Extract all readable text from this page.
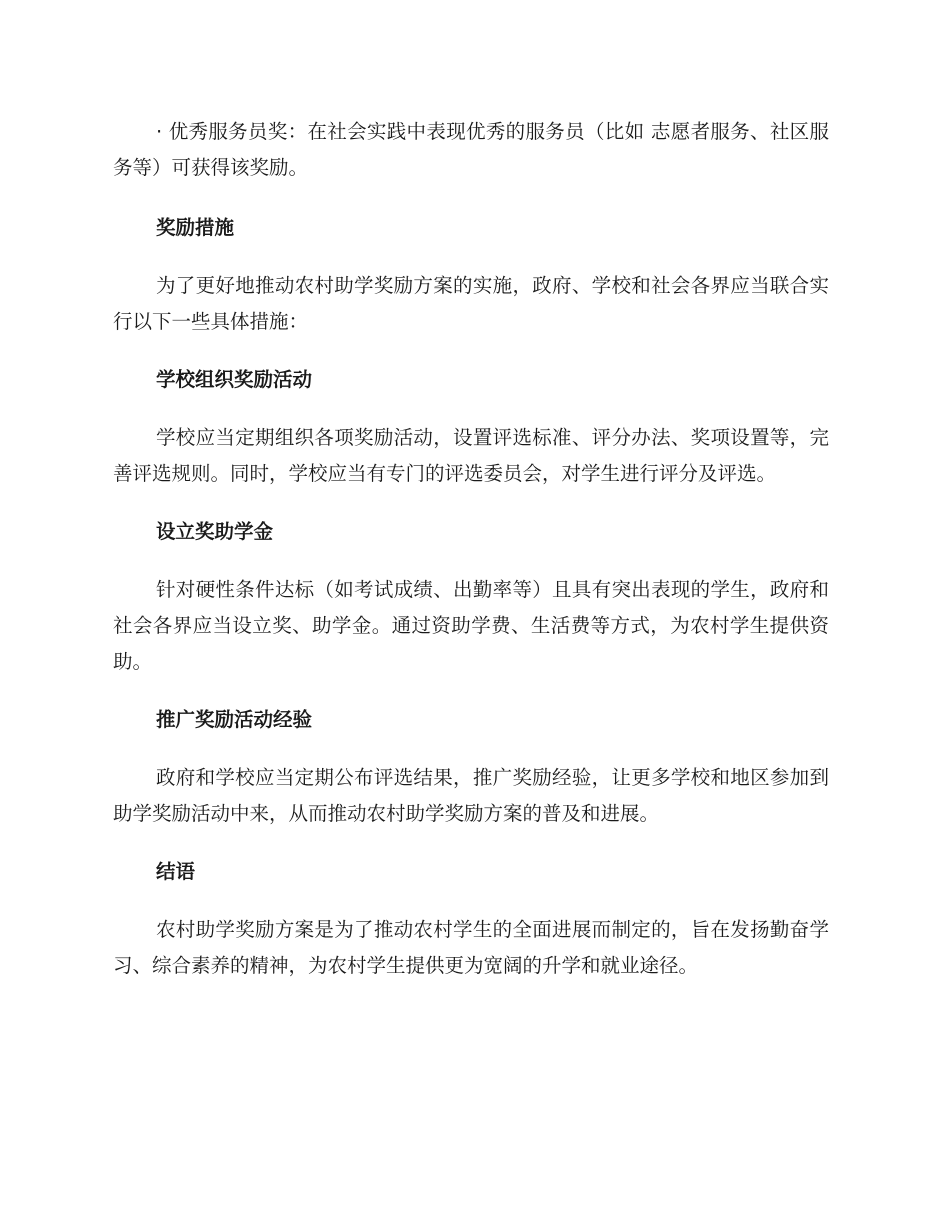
· 优秀服务员奖：在社会实践中表现优秀的服务员（比如 志愿者服务、社区服务等）可获得该奖励。

奖励措施

为了更好地推动农村助学奖励方案的实施，政府、学校和社会各界应当联合实行以下一些具体措施：

学校组织奖励活动

学校应当定期组织各项奖励活动，设置评选标准、评分办法、奖项设置等，完善评选规则。同时，学校应当有专门的评选委员会，对学生进行评分及评选。

设立奖助学金

针对硬性条件达标（如考试成绩、出勤率等）且具有突出表现的学生，政府和社会各界应当设立奖、助学金。通过资助学费、生活费等方式，为农村学生提供资助。

推广奖励活动经验

政府和学校应当定期公布评选结果，推广奖励经验，让更多学校和地区参加到助学奖励活动中来，从而推动农村助学奖励方案的普及和进展。

结语

农村助学奖励方案是为了推动农村学生的全面进展而制定的，旨在发扬勤奋学习、综合素养的精神，为农村学生提供更为宽阔的升学和就业途径。
